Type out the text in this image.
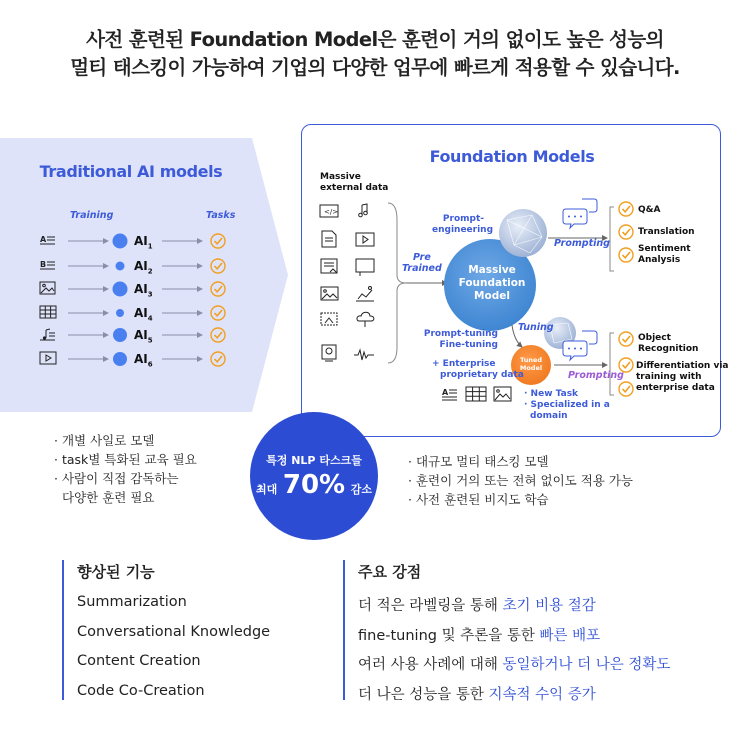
사전 훈련된 Foundation Model은 훈련이 거의 없이도 높은 성능의
멀티 태스킹이 가능하여 기업의 다양한 업무에 빠르게 적용할 수 있습니다.
Traditional AI models
Training	Tasks
A
B
$AI_1$
$AI_2$
$AI_3$
$AI_4$
$AI_5$
$AI_6$
· 개별 사일로 모델
· task별 특화된 교육 필요
· 사람이 직접 감독하는
다양한 훈련 필요
Foundation Models
Massive
external data
</>
A
Pre
Trained
Prompt-
engineering
Prompting
Massive
Foundation
Model
Q&A
Translation
Sentiment
Analysis
Tuning
Prompt-tuning
Fine-tuning
+ Enterprise
proprietary data
Tuned
Model
Prompting
· New Task
· Specialized in a
domain
Object
Recognition
Differentiation via
training with
enterprise data
· 대규모 멀티 태스킹 모델
· 훈련이 거의 또는 전혀 없이도 적용 가능
· 사전 훈련된 비지도 학습
특정 NLP 타스크들
최대 70% 감소
향상된 기능
Summarization
Conversational Knowledge
Content Creation
Code Co-Creation
주요 강점
더 적은 라벨링을 통해 초기 비용 절감
fine-tuning 및 추론을 통한 빠른 배포
여러 사용 사례에 대해 동일하거나 더 나은 정확도
더 나은 성능을 통한 지속적 수익 증가
